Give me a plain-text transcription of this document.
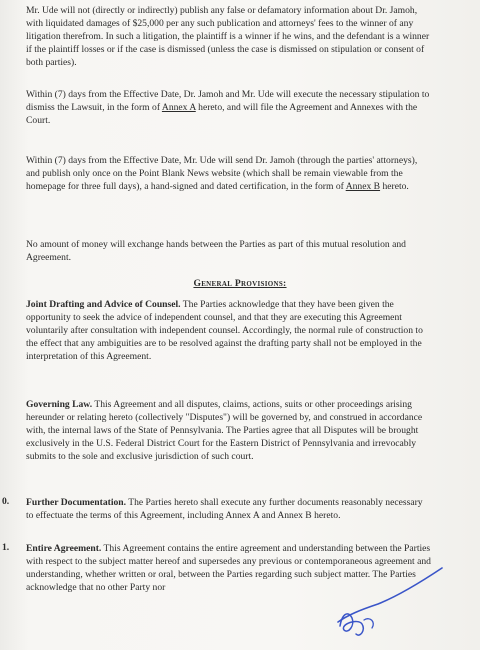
Mr. Ude will not (directly or indirectly) publish any false or defamatory information about Dr. Jamoh, with liquidated damages of $25,000 per any such publication and attorneys' fees to the winner of any litigation therefrom. In such a litigation, the plaintiff is a winner if he wins, and the defendant is a winner if the plaintiff losses or if the case is dismissed (unless the case is dismissed on stipulation or consent of both parties).

Within (7) days from the Effective Date, Dr. Jamoh and Mr. Ude will execute the necessary stipulation to dismiss the Lawsuit, in the form of Annex A hereto, and will file the Agreement and Annexes with the Court.

Within (7) days from the Effective Date, Mr. Ude will send Dr. Jamoh (through the parties' attorneys), and publish only once on the Point Blank News website (which shall be remain viewable from the homepage for three full days), a hand-signed and dated certification, in the form of Annex B hereto.

No amount of money will exchange hands between the Parties as part of this mutual resolution and Agreement.

General Provisions:

Joint Drafting and Advice of Counsel. The Parties acknowledge that they have been given the opportunity to seek the advice of independent counsel, and that they are executing this Agreement voluntarily after consultation with independent counsel. Accordingly, the normal rule of construction to the effect that any ambiguities are to be resolved against the drafting party shall not be employed in the interpretation of this Agreement.

Governing Law. This Agreement and all disputes, claims, actions, suits or other proceedings arising hereunder or relating hereto (collectively "Disputes") will be governed by, and construed in accordance with, the internal laws of the State of Pennsylvania. The Parties agree that all Disputes will be brought exclusively in the U.S. Federal District Court for the Eastern District of Pennsylvania and irrevocably submits to the sole and exclusive jurisdiction of such court.

0. Further Documentation. The Parties hereto shall execute any further documents reasonably necessary to effectuate the terms of this Agreement, including Annex A and Annex B hereto.

1. Entire Agreement. This Agreement contains the entire agreement and understanding between the Parties with respect to the subject matter hereof and supersedes any previous or contemporaneous agreement and understanding, whether written or oral, between the Parties regarding such subject matter. The Parties acknowledge that no other Party nor
